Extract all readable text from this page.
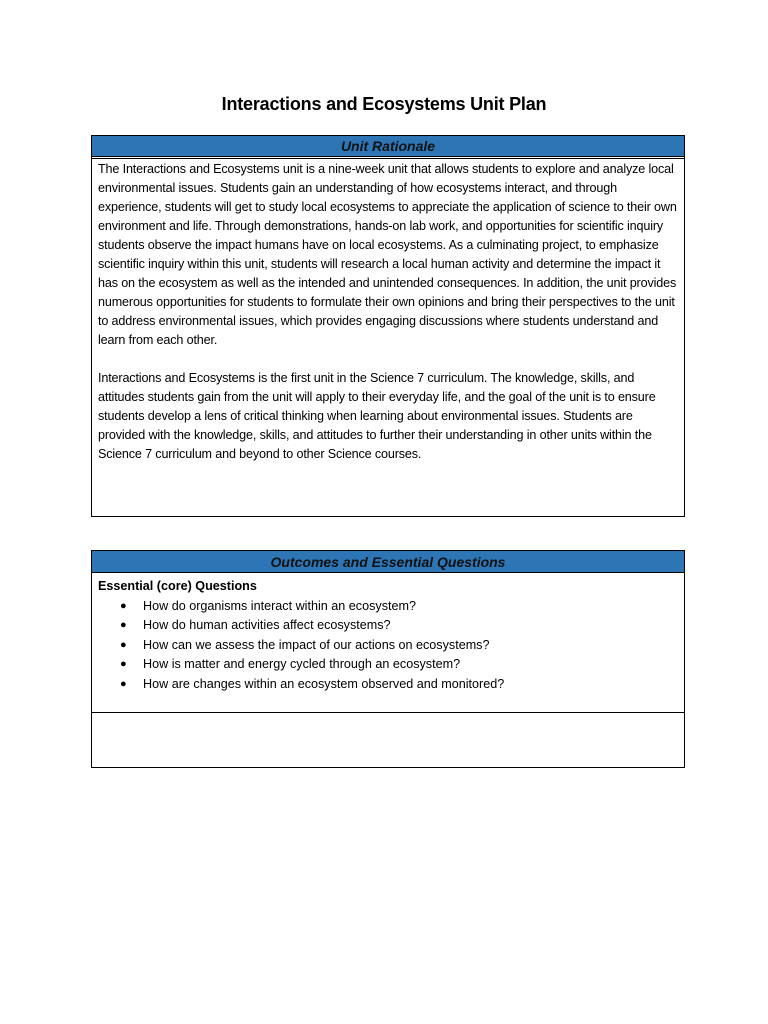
Interactions and Ecosystems Unit Plan
Unit Rationale

The Interactions and Ecosystems unit is a nine-week unit that allows students to explore and analyze local environmental issues. Students gain an understanding of how ecosystems interact, and through experience, students will get to study local ecosystems to appreciate the application of science to their own environment and life. Through demonstrations, hands-on lab work, and opportunities for scientific inquiry students observe the impact humans have on local ecosystems. As a culminating project, to emphasize scientific inquiry within this unit, students will research a local human activity and determine the impact it has on the ecosystem as well as the intended and unintended consequences. In addition, the unit provides numerous opportunities for students to formulate their own opinions and bring their perspectives to the unit to address environmental issues, which provides engaging discussions where students understand and learn from each other.

Interactions and Ecosystems is the first unit in the Science 7 curriculum. The knowledge, skills, and attitudes students gain from the unit will apply to their everyday life, and the goal of the unit is to ensure students develop a lens of critical thinking when learning about environmental issues. Students are provided with the knowledge, skills, and attitudes to further their understanding in other units within the Science 7 curriculum and beyond to other Science courses.

Outcomes and Essential Questions
Essential (core) Questions
● How do organisms interact within an ecosystem?
● How do human activities affect ecosystems?
● How can we assess the impact of our actions on ecosystems?
● How is matter and energy cycled through an ecosystem?
● How are changes within an ecosystem observed and monitored?
